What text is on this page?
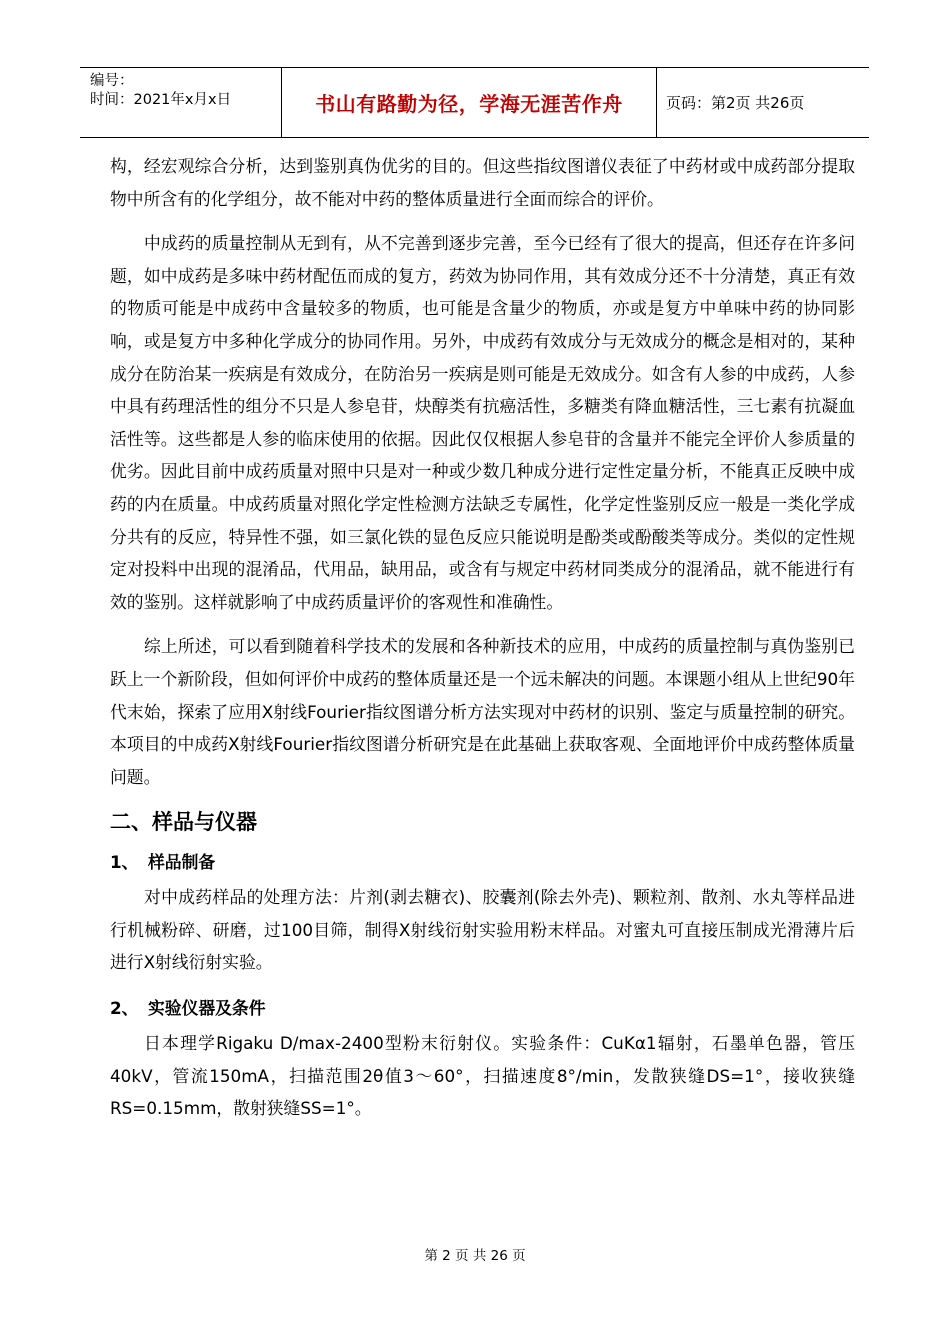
编号：
时间：2021年x月x日	书山有路勤为径，学海无涯苦作舟	页码：第2页 共26页

构，经宏观综合分析，达到鉴别真伪优劣的目的。但这些指纹图谱仪表征了中药材或中成药部分提取物中所含有的化学组分，故不能对中药的整体质量进行全面而综合的评价。

中成药的质量控制从无到有，从不完善到逐步完善，至今已经有了很大的提高，但还存在许多问题，如中成药是多味中药材配伍而成的复方，药效为协同作用，其有效成分还不十分清楚，真正有效的物质可能是中成药中含量较多的物质，也可能是含量少的物质，亦或是复方中单味中药的协同影响，或是复方中多种化学成分的协同作用。另外，中成药有效成分与无效成分的概念是相对的，某种成分在防治某一疾病是有效成分，在防治另一疾病是则可能是无效成分。如含有人参的中成药，人参中具有药理活性的组分不只是人参皂苷，炔醇类有抗癌活性，多糖类有降血糖活性，三七素有抗凝血活性等。这些都是人参的临床使用的依据。因此仅仅根据人参皂苷的含量并不能完全评价人参质量的优劣。因此目前中成药质量对照中只是对一种或少数几种成分进行定性定量分析，不能真正反映中成药的内在质量。中成药质量对照化学定性检测方法缺乏专属性，化学定性鉴别反应一般是一类化学成分共有的反应，特异性不强，如三氯化铁的显色反应只能说明是酚类或酚酸类等成分。类似的定性规定对投料中出现的混淆品，代用品，缺用品，或含有与规定中药材同类成分的混淆品，就不能进行有效的鉴别。这样就影响了中成药质量评价的客观性和准确性。

综上所述，可以看到随着科学技术的发展和各种新技术的应用，中成药的质量控制与真伪鉴别已跃上一个新阶段，但如何评价中成药的整体质量还是一个远未解决的问题。本课题小组从上世纪90年代末始，探索了应用X射线Fourier指纹图谱分析方法实现对中药材的识别、鉴定与质量控制的研究。本项目的中成药X射线Fourier指纹图谱分析研究是在此基础上获取客观、全面地评价中成药整体质量问题。

二、样品与仪器
1、 样品制备

对中成药样品的处理方法：片剂(剥去糖衣)、胶囊剂(除去外壳)、颗粒剂、散剂、水丸等样品进行机械粉碎、研磨，过100目筛，制得X射线衍射实验用粉末样品。对蜜丸可直接压制成光滑薄片后进行X射线衍射实验。

2、 实验仪器及条件

日本理学Rigaku D/max-2400型粉末衍射仪。实验条件：CuKα1辐射，石墨单色器，管压40kV，管流150mA，扫描范围2θ值3～60°，扫描速度8°/min，发散狭缝DS=1°，接收狭缝RS=0.15mm，散射狭缝SS=1°。

第 2 页 共 26 页
